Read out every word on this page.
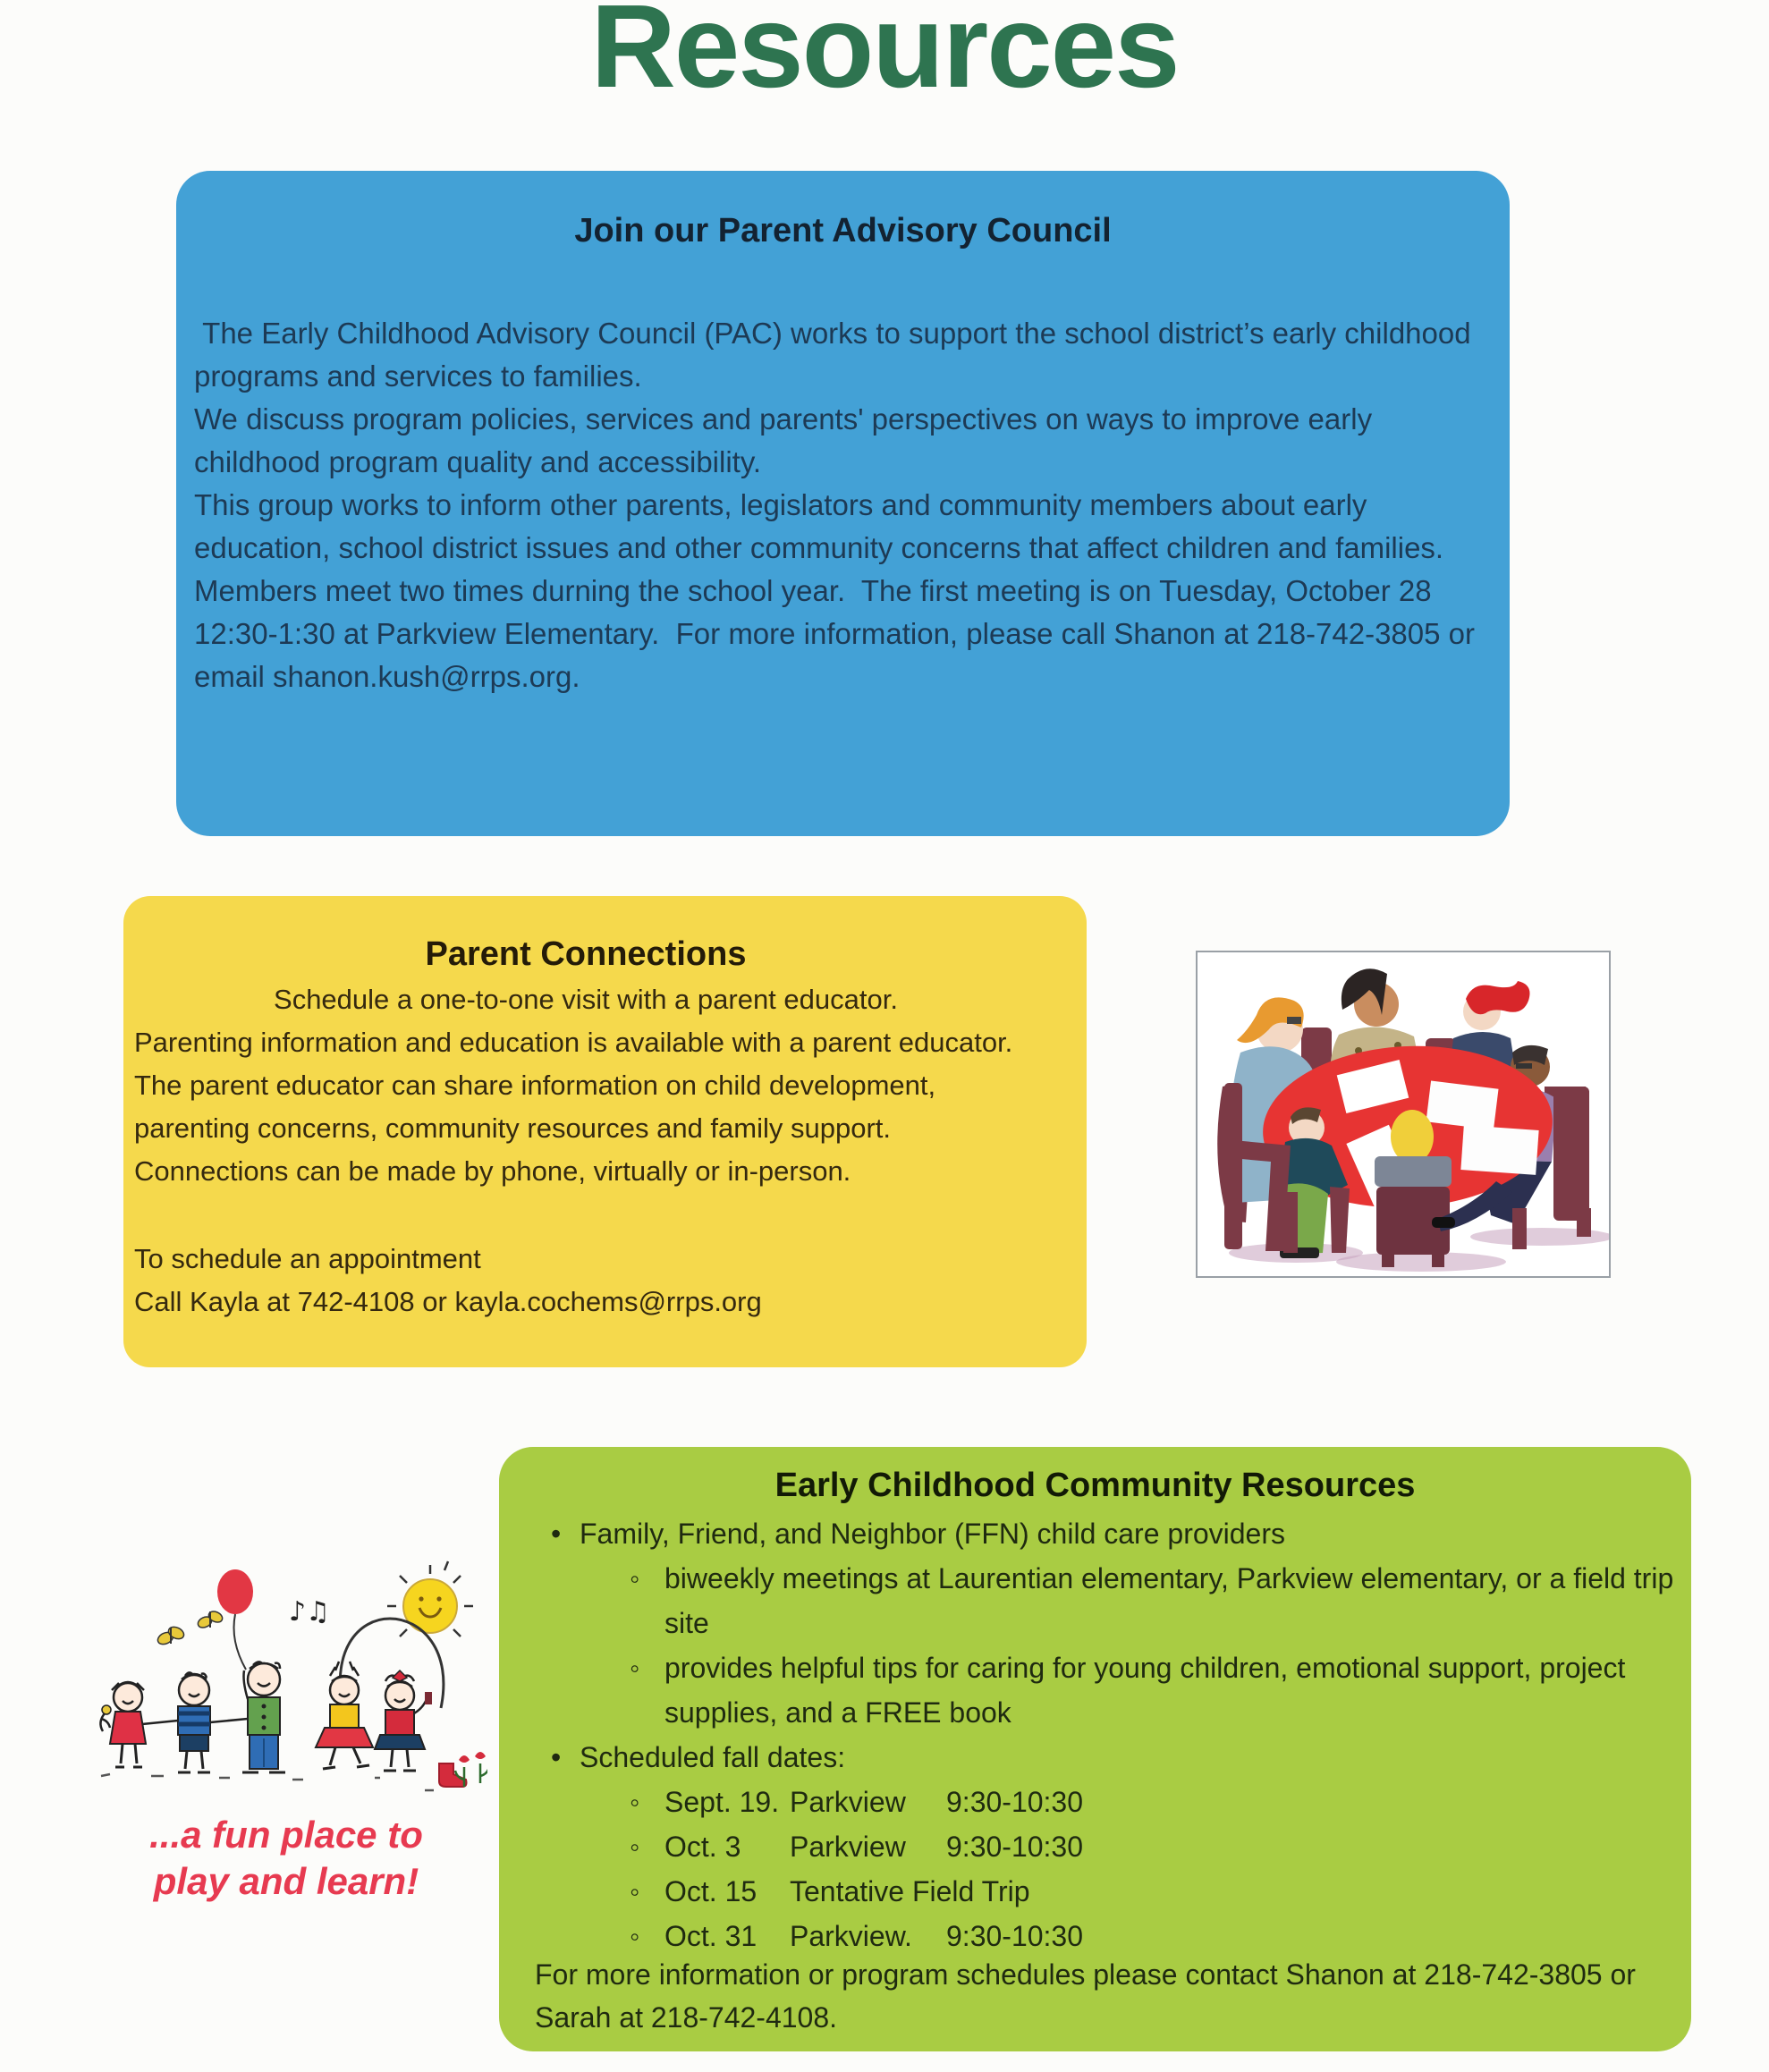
Resources
Join our Parent Advisory Council

The Early Childhood Advisory Council (PAC) works to support the school district’s early childhood programs and services to families.

We discuss program policies, services and parents' perspectives on ways to improve early childhood program quality and accessibility.

This group works to inform other parents, legislators and community members about early education, school district issues and other community concerns that affect children and families.

Members meet two times durning the school year.  The first meeting is on Tuesday, October 28  12:30-1:30 at Parkview Elementary.  For more information, please call Shanon at 218-742-3805 or email shanon.kush@rrps.org.

Parent Connections

Schedule a one-to-one visit with a parent educator.

Parenting information and education is available with a parent educator.  The parent educator can share information on child development, parenting concerns, community resources and family support.  Connections can be made by phone, virtually or in-person.

To schedule an appointment
Call Kayla at 742-4108 or kayla.cochems@rrps.org
♪♫

...a fun place to
play and learn!

Early Childhood Community Resources

• Family, Friend, and Neighbor (FFN) child care providers

◦ biweekly meetings at Laurentian elementary, Parkview elementary, or a field trip site

◦ provides helpful tips for caring for young children, emotional support, project supplies, and a FREE book

• Scheduled fall dates:

◦ Sept. 19. Parkview 9:30-10:30

◦ Oct. 3 Parkview 9:30-10:30

◦ Oct. 15 Tentative Field Trip

◦ Oct. 31 Parkview. 9:30-10:30

For more information or program schedules please contact Shanon at 218-742-3805 or Sarah at 218-742-4108.
